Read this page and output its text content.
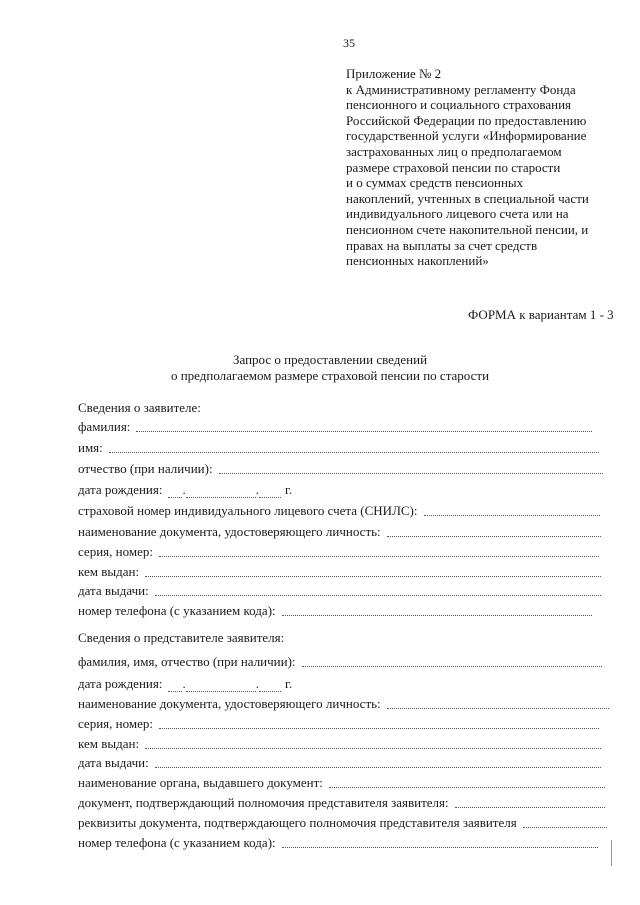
35
Приложение № 2
к Административному регламенту Фонда
пенсионного и социального страхования
Российской Федерации по предоставлению
государственной услуги «Информирование
застрахованных лиц о предполагаемом
размере страховой пенсии по старости
и о суммах средств пенсионных
накоплений, учтенных в специальной части
индивидуального лицевого счета или на
пенсионном счете накопительной пенсии, и
правах на выплаты за счет средств
пенсионных накоплений»
ФОРМА к вариантам 1 - 3
Запрос о предоставлении сведений
о предполагаемом размере страховой пенсии по старости
Сведения о заявителе:
фамилия:
имя:
отчество (при наличии):
дата рождения: .	. г.
страховой номер индивидуального лицевого счета (СНИЛС):
наименование документа, удостоверяющего личность:
серия, номер:
кем выдан:
дата выдачи:
номер телефона (с указанием кода):
Сведения о представителе заявителя:
фамилия, имя, отчество (при наличии):
дата рождения: .	. г.
наименование документа, удостоверяющего личность:
серия, номер:
кем выдан:
дата выдачи:
наименование органа, выдавшего документ:
документ, подтверждающий полномочия представителя заявителя:
реквизиты документа, подтверждающего полномочия представителя заявителя
номер телефона (с указанием кода):
